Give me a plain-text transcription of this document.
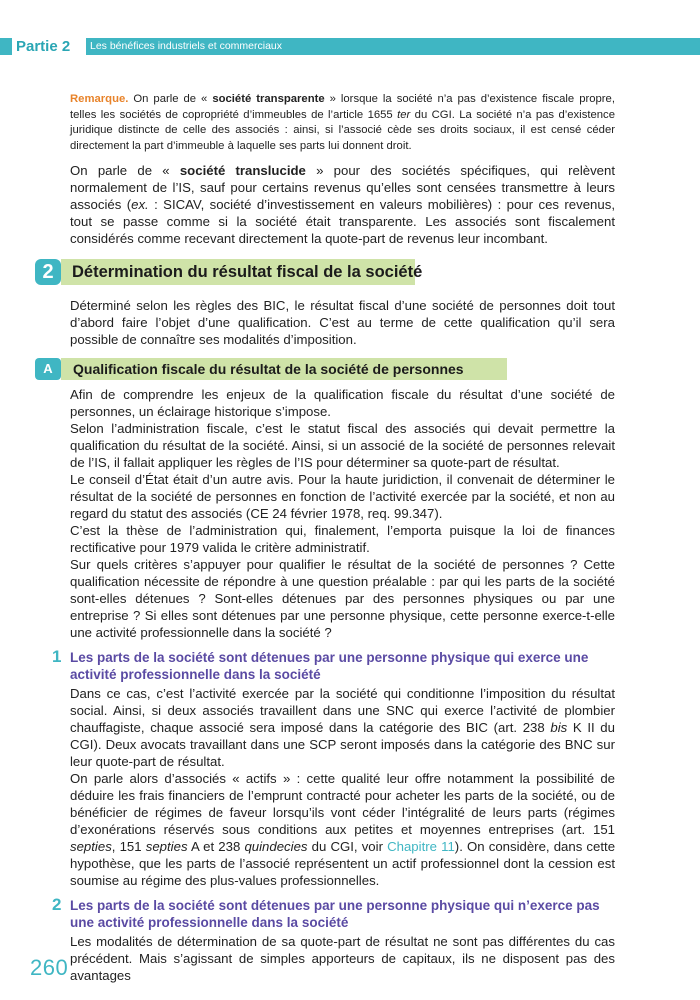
Partie 2	Les bénéfices industriels et commerciaux

Remarque. On parle de « société transparente » lorsque la société n’a pas d’existence fiscale propre, telles les sociétés de copropriété d’immeubles de l’article 1655 ter du CGI. La société n’a pas d’existence juridique distincte de celle des associés : ainsi, si l’associé cède ses droits sociaux, il est censé céder directement la part d’immeuble à laquelle ses parts lui donnent droit.

On parle de « société translucide » pour des sociétés spécifiques, qui relèvent normalement de l’IS, sauf pour certains revenus qu’elles sont censées transmettre à leurs associés (ex. : SICAV, société d’investissement en valeurs mobilières) : pour ces revenus, tout se passe comme si la société était transparente. Les associés sont fiscalement considérés comme recevant directement la quote-part de revenus leur incombant.

2	Détermination du résultat fiscal de la société

Déterminé selon les règles des BIC, le résultat fiscal d’une société de personnes doit tout d’abord faire l’objet d’une qualification. C’est au terme de cette qualification qu’il sera possible de connaître ses modalités d’imposition.

A	Qualification fiscale du résultat de la société de personnes

Afin de comprendre les enjeux de la qualification fiscale du résultat d’une société de personnes, un éclairage historique s’impose.

Selon l’administration fiscale, c’est le statut fiscal des associés qui devait permettre la qualification du résultat de la société. Ainsi, si un associé de la société de personnes relevait de l’IS, il fallait appliquer les règles de l’IS pour déterminer sa quote-part de résultat.

Le conseil d’État était d’un autre avis. Pour la haute juridiction, il convenait de déterminer le résultat de la société de personnes en fonction de l’activité exercée par la société, et non au regard du statut des associés (CE 24 février 1978, req. 99.347).

C’est la thèse de l’administration qui, finalement, l’emporta puisque la loi de finances rectificative pour 1979 valida le critère administratif.

Sur quels critères s’appuyer pour qualifier le résultat de la société de personnes ? Cette qualification nécessite de répondre à une question préalable : par qui les parts de la société sont-elles détenues ? Sont-elles détenues par des personnes physiques ou par une entreprise ? Si elles sont détenues par une personne physique, cette personne exerce-t-elle une activité professionnelle dans la société ?

1 Les parts de la société sont détenues par une personne physique qui exerce une activité professionnelle dans la société

Dans ce cas, c’est l’activité exercée par la société qui conditionne l’imposition du résultat social. Ainsi, si deux associés travaillent dans une SNC qui exerce l’activité de plombier chauffagiste, chaque associé sera imposé dans la catégorie des BIC (art. 238 bis K II du CGI). Deux avocats travaillant dans une SCP seront imposés dans la catégorie des BNC sur leur quote-part de résultat.

On parle alors d’associés « actifs » : cette qualité leur offre notamment la possibilité de déduire les frais financiers de l’emprunt contracté pour acheter les parts de la société, ou de bénéficier de régimes de faveur lorsqu’ils vont céder l’intégralité de leurs parts (régimes d’exonérations réservés sous conditions aux petites et moyennes entreprises (art. 151 septies, 151 septies A et 238 quindecies du CGI, voir Chapitre 11). On considère, dans cette hypothèse, que les parts de l’associé représentent un actif professionnel dont la cession est soumise au régime des plus-values professionnelles.

2 Les parts de la société sont détenues par une personne physique qui n’exerce pas une activité professionnelle dans la société

Les modalités de détermination de sa quote-part de résultat ne sont pas différentes du cas précédent. Mais s’agissant de simples apporteurs de capitaux, ils ne disposent pas des avantages

260
